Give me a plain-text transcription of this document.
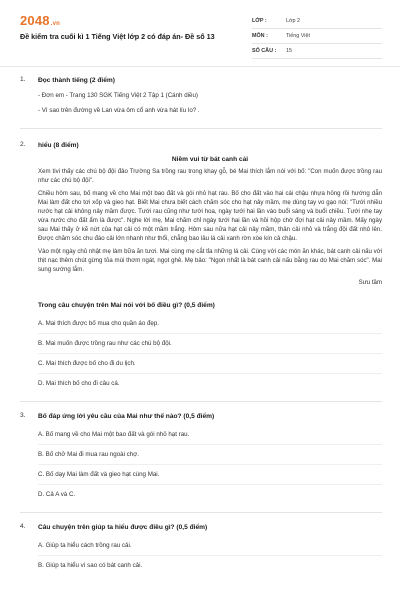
2048.vn
Đề kiểm tra cuối kì 1 Tiếng Việt lớp 2 có đáp án- Đề số 13
LỚP :	Lớp 2
MÔN :	Tiếng Việt
SỐ CÂU :	15
1. Đọc thành tiếng (2 điểm)
- Đơn em - Trang 130 SGK Tiếng Việt 2 Tập 1 (Cánh diều)
- Vì sao trên đường về Lan vừa ôm cổ anh vừa hát líu lo? .
2. hiểu (8 điểm)
Niềm vui từ bát canh cải
Xem tivi thấy các chú bộ đội đảo Trường Sa trồng rau trong khay gỗ, bé Mai thích lắm nói với bố: "Con muốn được trồng rau như các chú bộ đội".
Chiều hôm sau, bố mang về cho Mai một bao đất và gói nhỏ hạt rau. Bố cho đất vào hai cái chậu nhựa hỏng rồi hướng dẫn Mai làm đất cho tơi xốp và gieo hạt. Biết Mai chưa biết cách chăm sóc cho hạt nảy mầm, mẹ dùng tay vo gạo nói: "Tưới nhiều nước hạt cải không nảy mầm được. Tưới rau cũng như tưới hoa, ngày tưới hai lần vào buổi sáng và buổi chiều. Tưới nhẹ tay vừa nước cho đất ẩm là được". Nghe lời mẹ, Mai chăm chỉ ngày tưới hai lần và hồi hộp chờ đợi hạt cải nảy mầm. Mấy ngày sau Mai thấy ở kẽ nứt của hạt cải có một mầm trắng. Hôm sau nữa hạt cải nảy mầm, thân cải nhỏ và trắng đội đất nhô lên. Được chăm sóc chu đáo cải lớn nhanh như thổi, chẳng bao lâu lá cải xanh rờn xòe kín cả chậu.
Vào một ngày chủ nhật mẹ làm bữa ăn tươi. Mai cùng mẹ cắt tỉa những lá cải. Cùng với các món ăn khác, bát canh cải nấu với thịt nạc thêm chút gừng tỏa mùi thơm ngát, ngọt ghê. Mẹ bảo: "Ngon nhất là bát canh cải nấu bằng rau do Mai chăm sóc". Mai sung sướng lắm.
Sưu tầm
Trong câu chuyện trên Mai nói với bố điều gì? (0,5 điểm)
A. Mai thích được bố mua cho quần áo đẹp.
B. Mai muốn được trồng rau như các chú bộ đội.
C. Mai thích được bố cho đi du lịch.
D. Mai thích bố cho đi câu cá.
3. Bố đáp ứng lời yêu cầu của Mai như thế nào? (0,5 điểm)
A. Bố mang về cho Mai một bao đất và gói nhỏ hạt rau.
B. Bố chở Mai đi mua rau ngoài chợ.
C. Bố dạy Mai làm đất và gieo hạt cùng Mai.
D. Cả A và C.
4. Câu chuyện trên giúp ta hiểu được điều gì? (0,5 điểm)
A. Giúp ta hiểu cách trồng rau cải.
B. Giúp ta hiểu vì sao có bát canh cải.
